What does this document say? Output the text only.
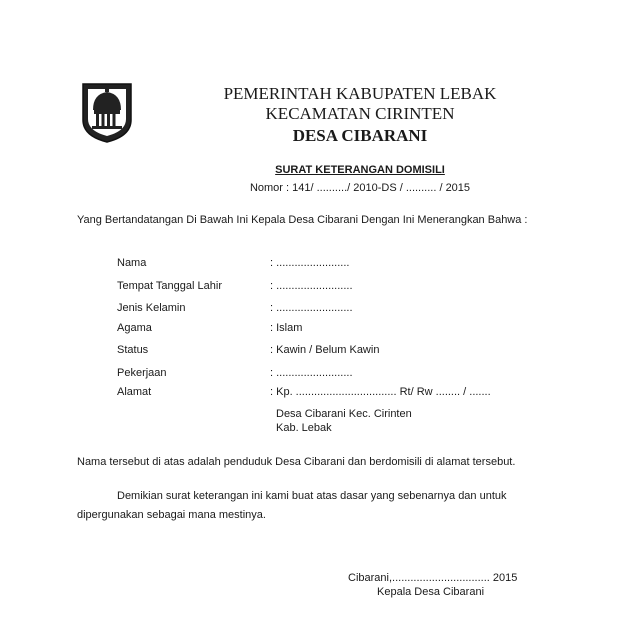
PEMERINTAH KABUPATEN LEBAK
KECAMATAN CIRINTEN
DESA CIBARANI
SURAT KETERANGAN DOMISILI
Nomor : 141/ ........../ 2010-DS / .......... / 2015
Yang Bertandatangan Di Bawah Ini Kepala Desa Cibarani Dengan Ini Menerangkan Bahwa :
Nama	: ........................
Tempat Tanggal Lahir	: .........................
Jenis Kelamin	: .........................
Agama	: Islam
Status	: Kawin / Belum Kawin
Pekerjaan	: .........................
Alamat	: Kp. ................................. Rt/ Rw ........ / .......
Desa Cibarani Kec. Cirinten
Kab. Lebak
Nama tersebut di atas adalah penduduk Desa Cibarani dan berdomisili di alamat tersebut.
Demikian surat keterangan ini kami buat atas dasar yang sebenarnya dan untuk
dipergunakan sebagai mana mestinya.
Cibarani,................................ 2015
Kepala Desa Cibarani
